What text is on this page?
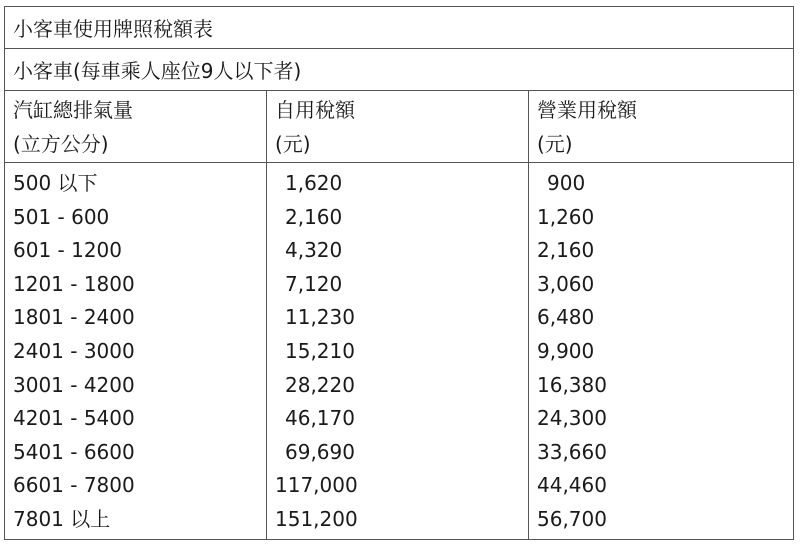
小客車使用牌照稅額表
小客車(每車乘人座位9人以下者)
汽缸總排氣量
(立方公分)
500 以下
501 - 600
601 - 1200
1201 - 1800
1801 - 2400
2401 - 3000
3001 - 4200
4201 - 5400
5401 - 6600
6601 - 7800
7801 以上
自用稅額
(元)
1,620
2,160
4,320
7,120
11,230
15,210
28,220
46,170
69,690
117,000
151,200
營業用稅額
(元)
900
1,260
2,160
3,060
6,480
9,900
16,380
24,300
33,660
44,460
56,700
